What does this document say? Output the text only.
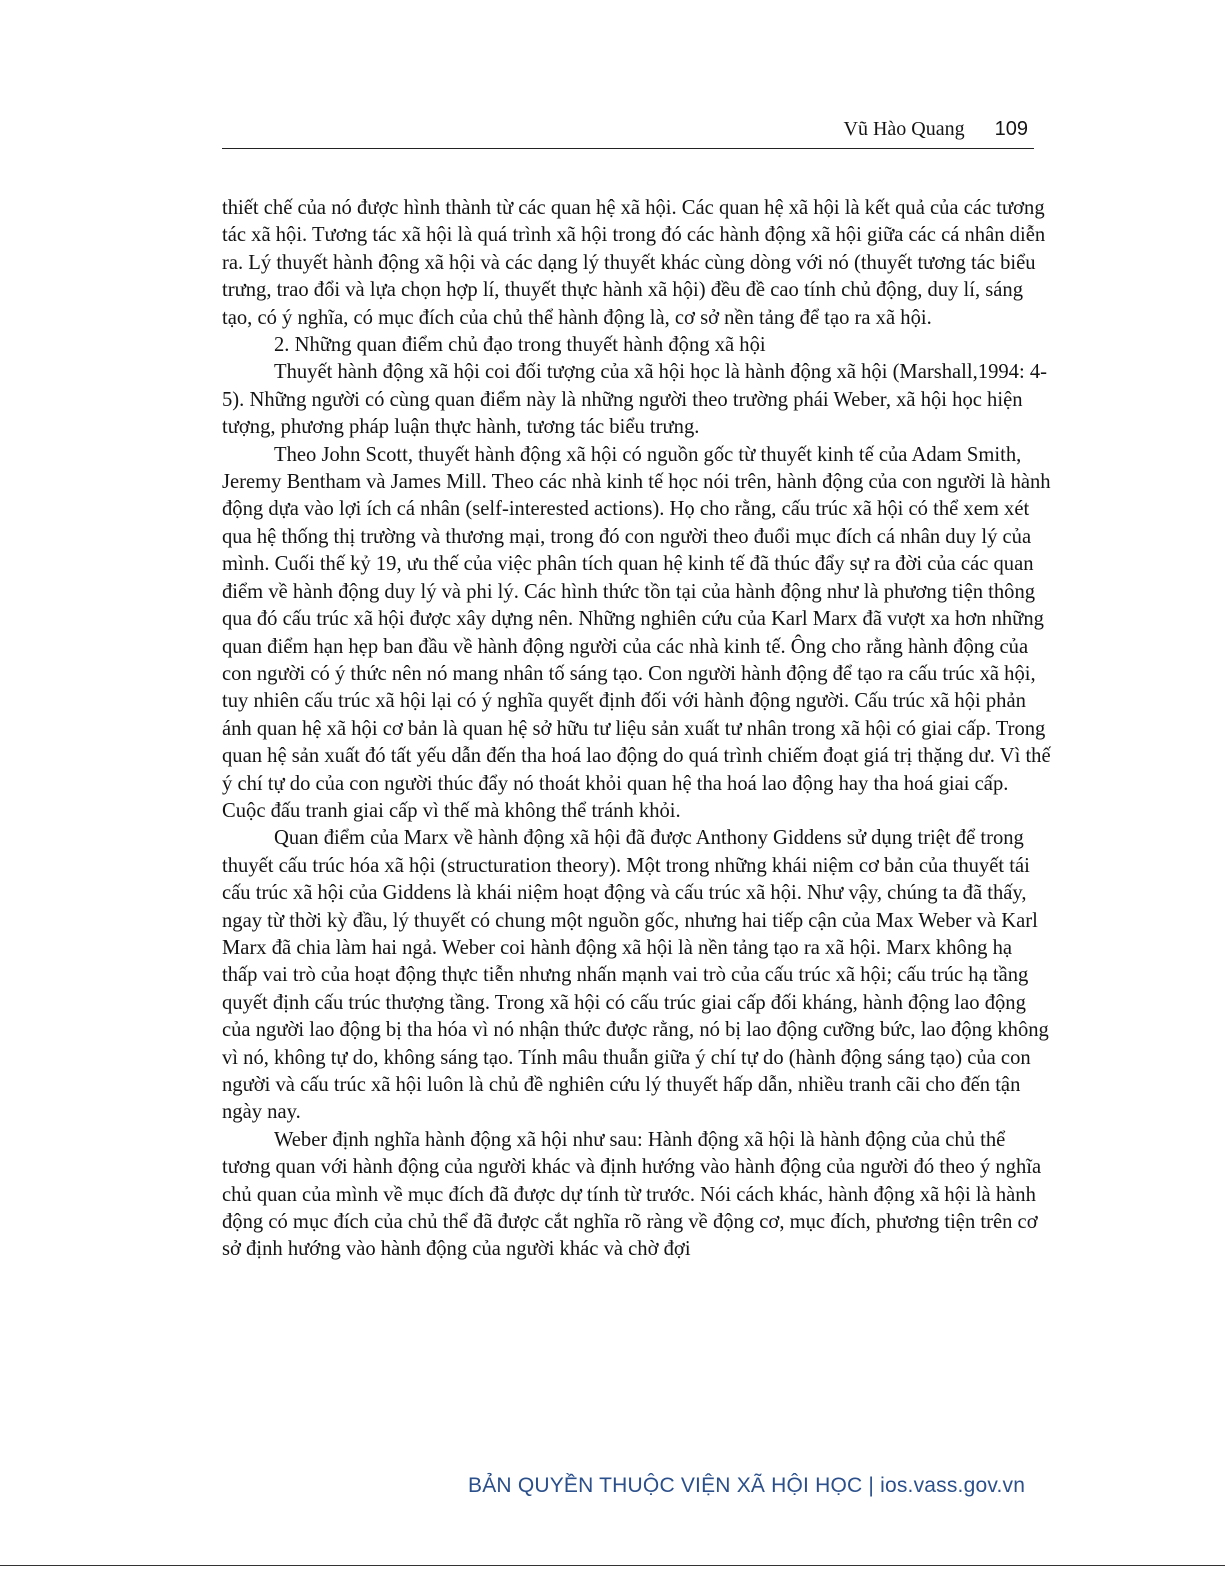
Vũ Hào Quang 109

thiết chế của nó được hình thành từ các quan hệ xã hội. Các quan hệ xã hội là kết quả của các tương tác xã hội. Tương tác xã hội là quá trình xã hội trong đó các hành động xã hội giữa các cá nhân diễn ra. Lý thuyết hành động xã hội và các dạng lý thuyết khác cùng dòng với nó (thuyết tương tác biểu trưng, trao đổi và lựa chọn hợp lí, thuyết thực hành xã hội) đều đề cao tính chủ động, duy lí, sáng tạo, có ý nghĩa, có mục đích của chủ thể hành động là, cơ sở nền tảng để tạo ra xã hội.

2. Những quan điểm chủ đạo trong thuyết hành động xã hội

Thuyết hành động xã hội coi đối tượng của xã hội học là hành động xã hội (Marshall,1994: 4-5). Những người có cùng quan điểm này là những người theo trường phái Weber, xã hội học hiện tượng, phương pháp luận thực hành, tương tác biểu trưng.

Theo John Scott, thuyết hành động xã hội có nguồn gốc từ thuyết kinh tế của Adam Smith, Jeremy Bentham và James Mill. Theo các nhà kinh tế học nói trên, hành động của con người là hành động dựa vào lợi ích cá nhân (self-interested actions). Họ cho rằng, cấu trúc xã hội có thể xem xét qua hệ thống thị trường và thương mại, trong đó con người theo đuổi mục đích cá nhân duy lý của mình. Cuối thế kỷ 19, ưu thế của việc phân tích quan hệ kinh tế đã thúc đẩy sự ra đời của các quan điểm về hành động duy lý và phi lý. Các hình thức tồn tại của hành động như là phương tiện thông qua đó cấu trúc xã hội được xây dựng nên. Những nghiên cứu của Karl Marx đã vượt xa hơn những quan điểm hạn hẹp ban đầu về hành động người của các nhà kinh tế. Ông cho rằng hành động của con người có ý thức nên nó mang nhân tố sáng tạo. Con người hành động để tạo ra cấu trúc xã hội, tuy nhiên cấu trúc xã hội lại có ý nghĩa quyết định đối với hành động người. Cấu trúc xã hội phản ánh quan hệ xã hội cơ bản là quan hệ sở hữu tư liệu sản xuất tư nhân trong xã hội có giai cấp. Trong quan hệ sản xuất đó tất yếu dẫn đến tha hoá lao động do quá trình chiếm đoạt giá trị thặng dư. Vì thế ý chí tự do của con người thúc đẩy nó thoát khỏi quan hệ tha hoá lao động hay tha hoá giai cấp. Cuộc đấu tranh giai cấp vì thế mà không thể tránh khỏi.

Quan điểm của Marx về hành động xã hội đã được Anthony Giddens sử dụng triệt để trong thuyết cấu trúc hóa xã hội (structuration theory). Một trong những khái niệm cơ bản của thuyết tái cấu trúc xã hội của Giddens là khái niệm hoạt động và cấu trúc xã hội. Như vậy, chúng ta đã thấy, ngay từ thời kỳ đầu, lý thuyết có chung một nguồn gốc, nhưng hai tiếp cận của Max Weber và Karl Marx đã chia làm hai ngả. Weber coi hành động xã hội là nền tảng tạo ra xã hội. Marx không hạ thấp vai trò của hoạt động thực tiễn nhưng nhấn mạnh vai trò của cấu trúc xã hội; cấu trúc hạ tầng quyết định cấu trúc thượng tầng. Trong xã hội có cấu trúc giai cấp đối kháng, hành động lao động của người lao động bị tha hóa vì nó nhận thức được rằng, nó bị lao động cưỡng bức, lao động không vì nó, không tự do, không sáng tạo. Tính mâu thuẫn giữa ý chí tự do (hành động sáng tạo) của con người và cấu trúc xã hội luôn là chủ đề nghiên cứu lý thuyết hấp dẫn, nhiều tranh cãi cho đến tận ngày nay.

Weber định nghĩa hành động xã hội như sau: Hành động xã hội là hành động của chủ thể tương quan với hành động của người khác và định hướng vào hành động của người đó theo ý nghĩa chủ quan của mình về mục đích đã được dự tính từ trước. Nói cách khác, hành động xã hội là hành động có mục đích của chủ thể đã được cắt nghĩa rõ ràng về động cơ, mục đích, phương tiện trên cơ sở định hướng vào hành động của người khác và chờ đợi

BẢN QUYỀN THUỘC VIỆN XÃ HỘI HỌC | ios.vass.gov.vn
